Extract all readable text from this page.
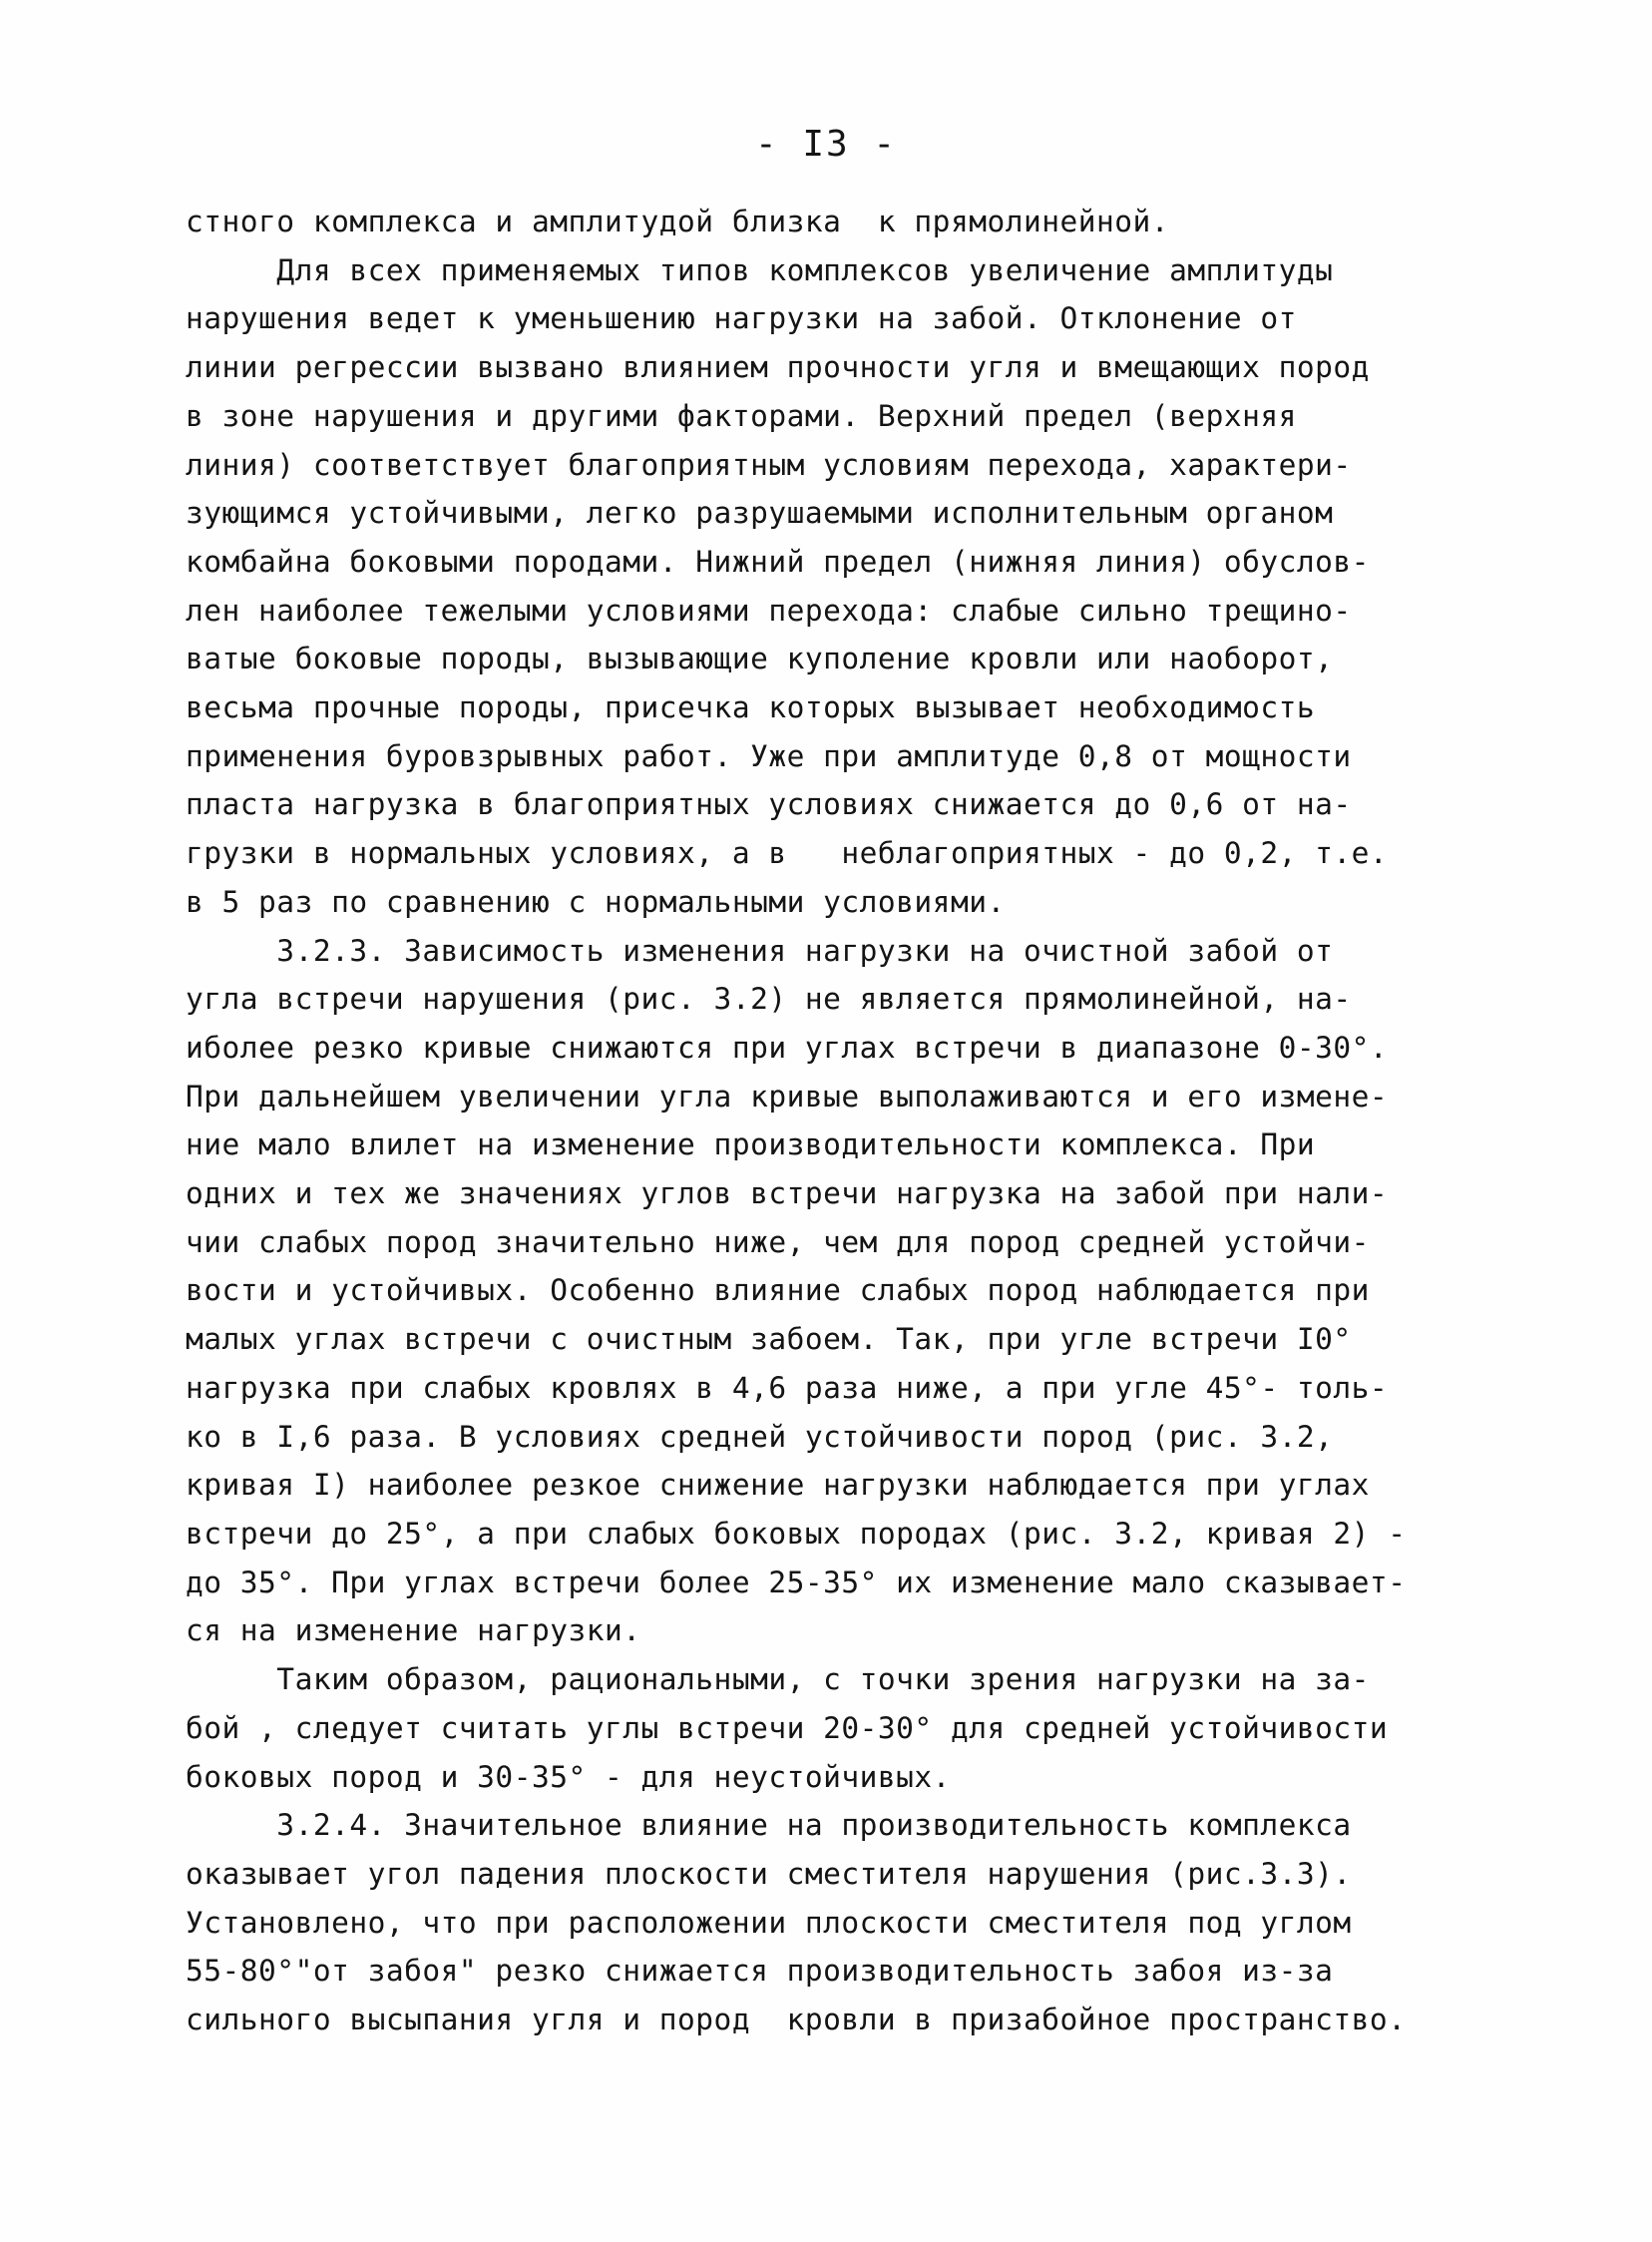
- I3 -

стного комплекса и амплитудой близка  к прямолинейной.

Для всех применяемых типов комплексов увеличение амплитуды

нарушения ведет к уменьшению нагрузки на забой. Отклонение от

линии регрессии вызвано влиянием прочности угля и вмещающих пород

в зоне нарушения и другими факторами. Верхний предел (верхняя

линия) соответствует благоприятным условиям перехода, характери-

зующимся устойчивыми, легко разрушаемыми исполнительным органом

комбайна боковыми породами. Нижний предел (нижняя линия) обуслов-

лен наиболее тежелыми условиями перехода: слабые сильно трещино-

ватые боковые породы, вызывающие куполение кровли или наоборот,

весьма прочные породы, присечка которых вызывает необходимость

применения буровзрывных работ. Уже при амплитуде 0,8 от мощности

пласта нагрузка в благоприятных условиях снижается до 0,6 от на-

грузки в нормальных условиях, а в   неблагоприятных - до 0,2, т.е.

в 5 раз по сравнению с нормальными условиями.

3.2.3. Зависимость изменения нагрузки на очистной забой от

угла встречи нарушения (рис. 3.2) не является прямолинейной, на-

иболее резко кривые снижаются при углах встречи в диапазоне 0-30°.

При дальнейшем увеличении угла кривые выполаживаются и его измене-

ние мало влилет на изменение производительности комплекса. При

одних и тех же значениях углов встречи нагрузка на забой при нали-

чии слабых пород значительно ниже, чем для пород средней устойчи-

вости и устойчивых. Особенно влияние слабых пород наблюдается при

малых углах встречи с очистным забоем. Так, при угле встречи I0°

нагрузка при слабых кровлях в 4,6 раза ниже, а при угле 45°- толь-

ко в I,6 раза. В условиях средней устойчивости пород (рис. 3.2,

кривая I) наиболее резкое снижение нагрузки наблюдается при углах

встречи до 25°, а при слабых боковых породах (рис. 3.2, кривая 2) -

до 35°. При углах встречи более 25-35° их изменение мало сказывает-

ся на изменение нагрузки.

Таким образом, рациональными, с точки зрения нагрузки на за-

бой , следует считать углы встречи 20-30° для средней устойчивости

боковых пород и 30-35° - для неустойчивых.

3.2.4. Значительное влияние на производительность комплекса

оказывает угол падения плоскости сместителя нарушения (рис.3.3).

Установлено, что при расположении плоскости сместителя под углом

55-80°"от забоя" резко снижается производительность забоя из-за

сильного высыпания угля и пород  кровли в призабойное пространство.
